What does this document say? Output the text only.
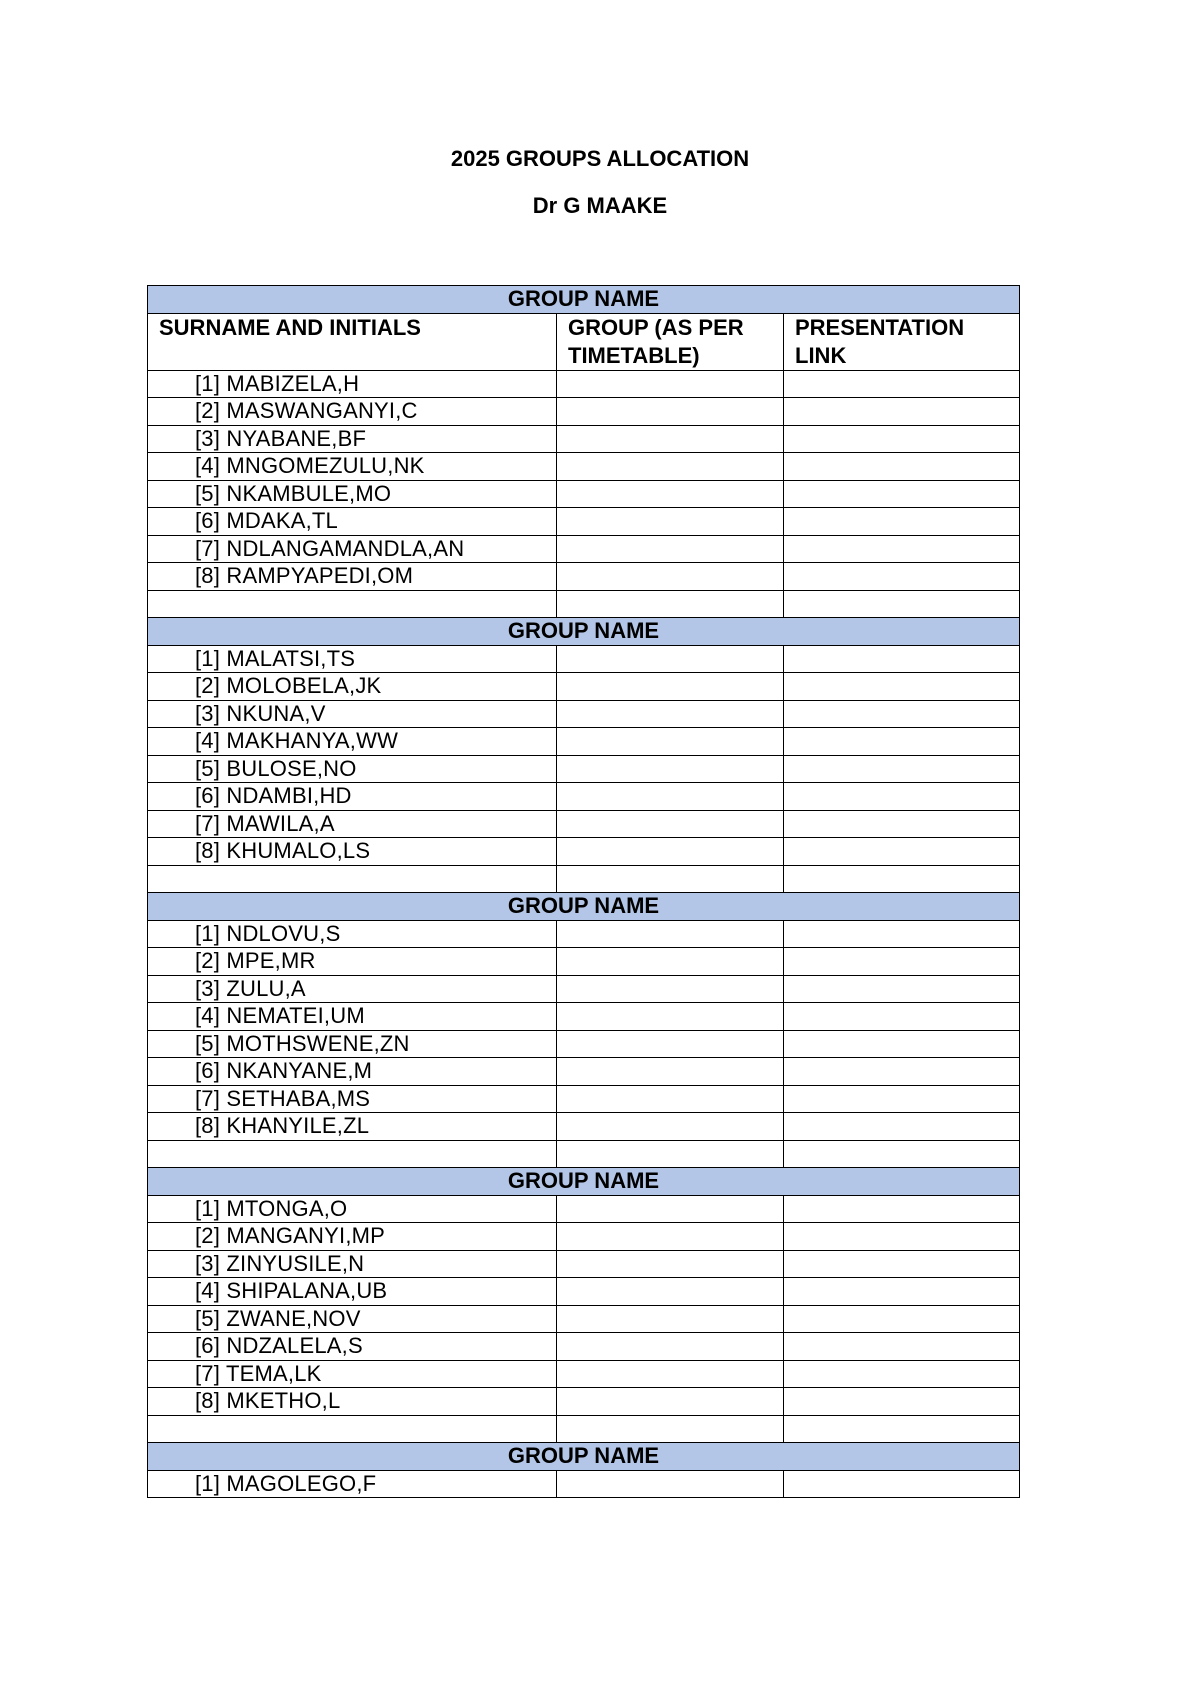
2025 GROUPS ALLOCATION
Dr G MAAKE
GROUP NAME		
SURNAME AND INITIALS	GROUP (AS PER TIMETABLE)	PRESENTATION LINK
[1] MABIZELA,H		
[2] MASWANGANYI,C		
[3] NYABANE,BF		
[4] MNGOMEZULU,NK		
[5] NKAMBULE,MO		
[6] MDAKA,TL		
[7] NDLANGAMANDLA,AN		
[8] RAMPYAPEDI,OM		

GROUP NAME		
[1] MALATSI,TS		
[2] MOLOBELA,JK		
[3] NKUNA,V		
[4] MAKHANYA,WW		
[5] BULOSE,NO		
[6] NDAMBI,HD		
[7] MAWILA,A		
[8] KHUMALO,LS		

GROUP NAME		
[1] NDLOVU,S		
[2] MPE,MR		
[3] ZULU,A		
[4] NEMATEI,UM		
[5] MOTHSWENE,ZN		
[6] NKANYANE,M		
[7] SETHABA,MS		
[8] KHANYILE,ZL		

GROUP NAME		
[1] MTONGA,O		
[2] MANGANYI,MP		
[3] ZINYUSILE,N		
[4] SHIPALANA,UB		
[5] ZWANE,NOV		
[6] NDZALELA,S		
[7] TEMA,LK		
[8] MKETHO,L		

GROUP NAME		
[1] MAGOLEGO,F		
